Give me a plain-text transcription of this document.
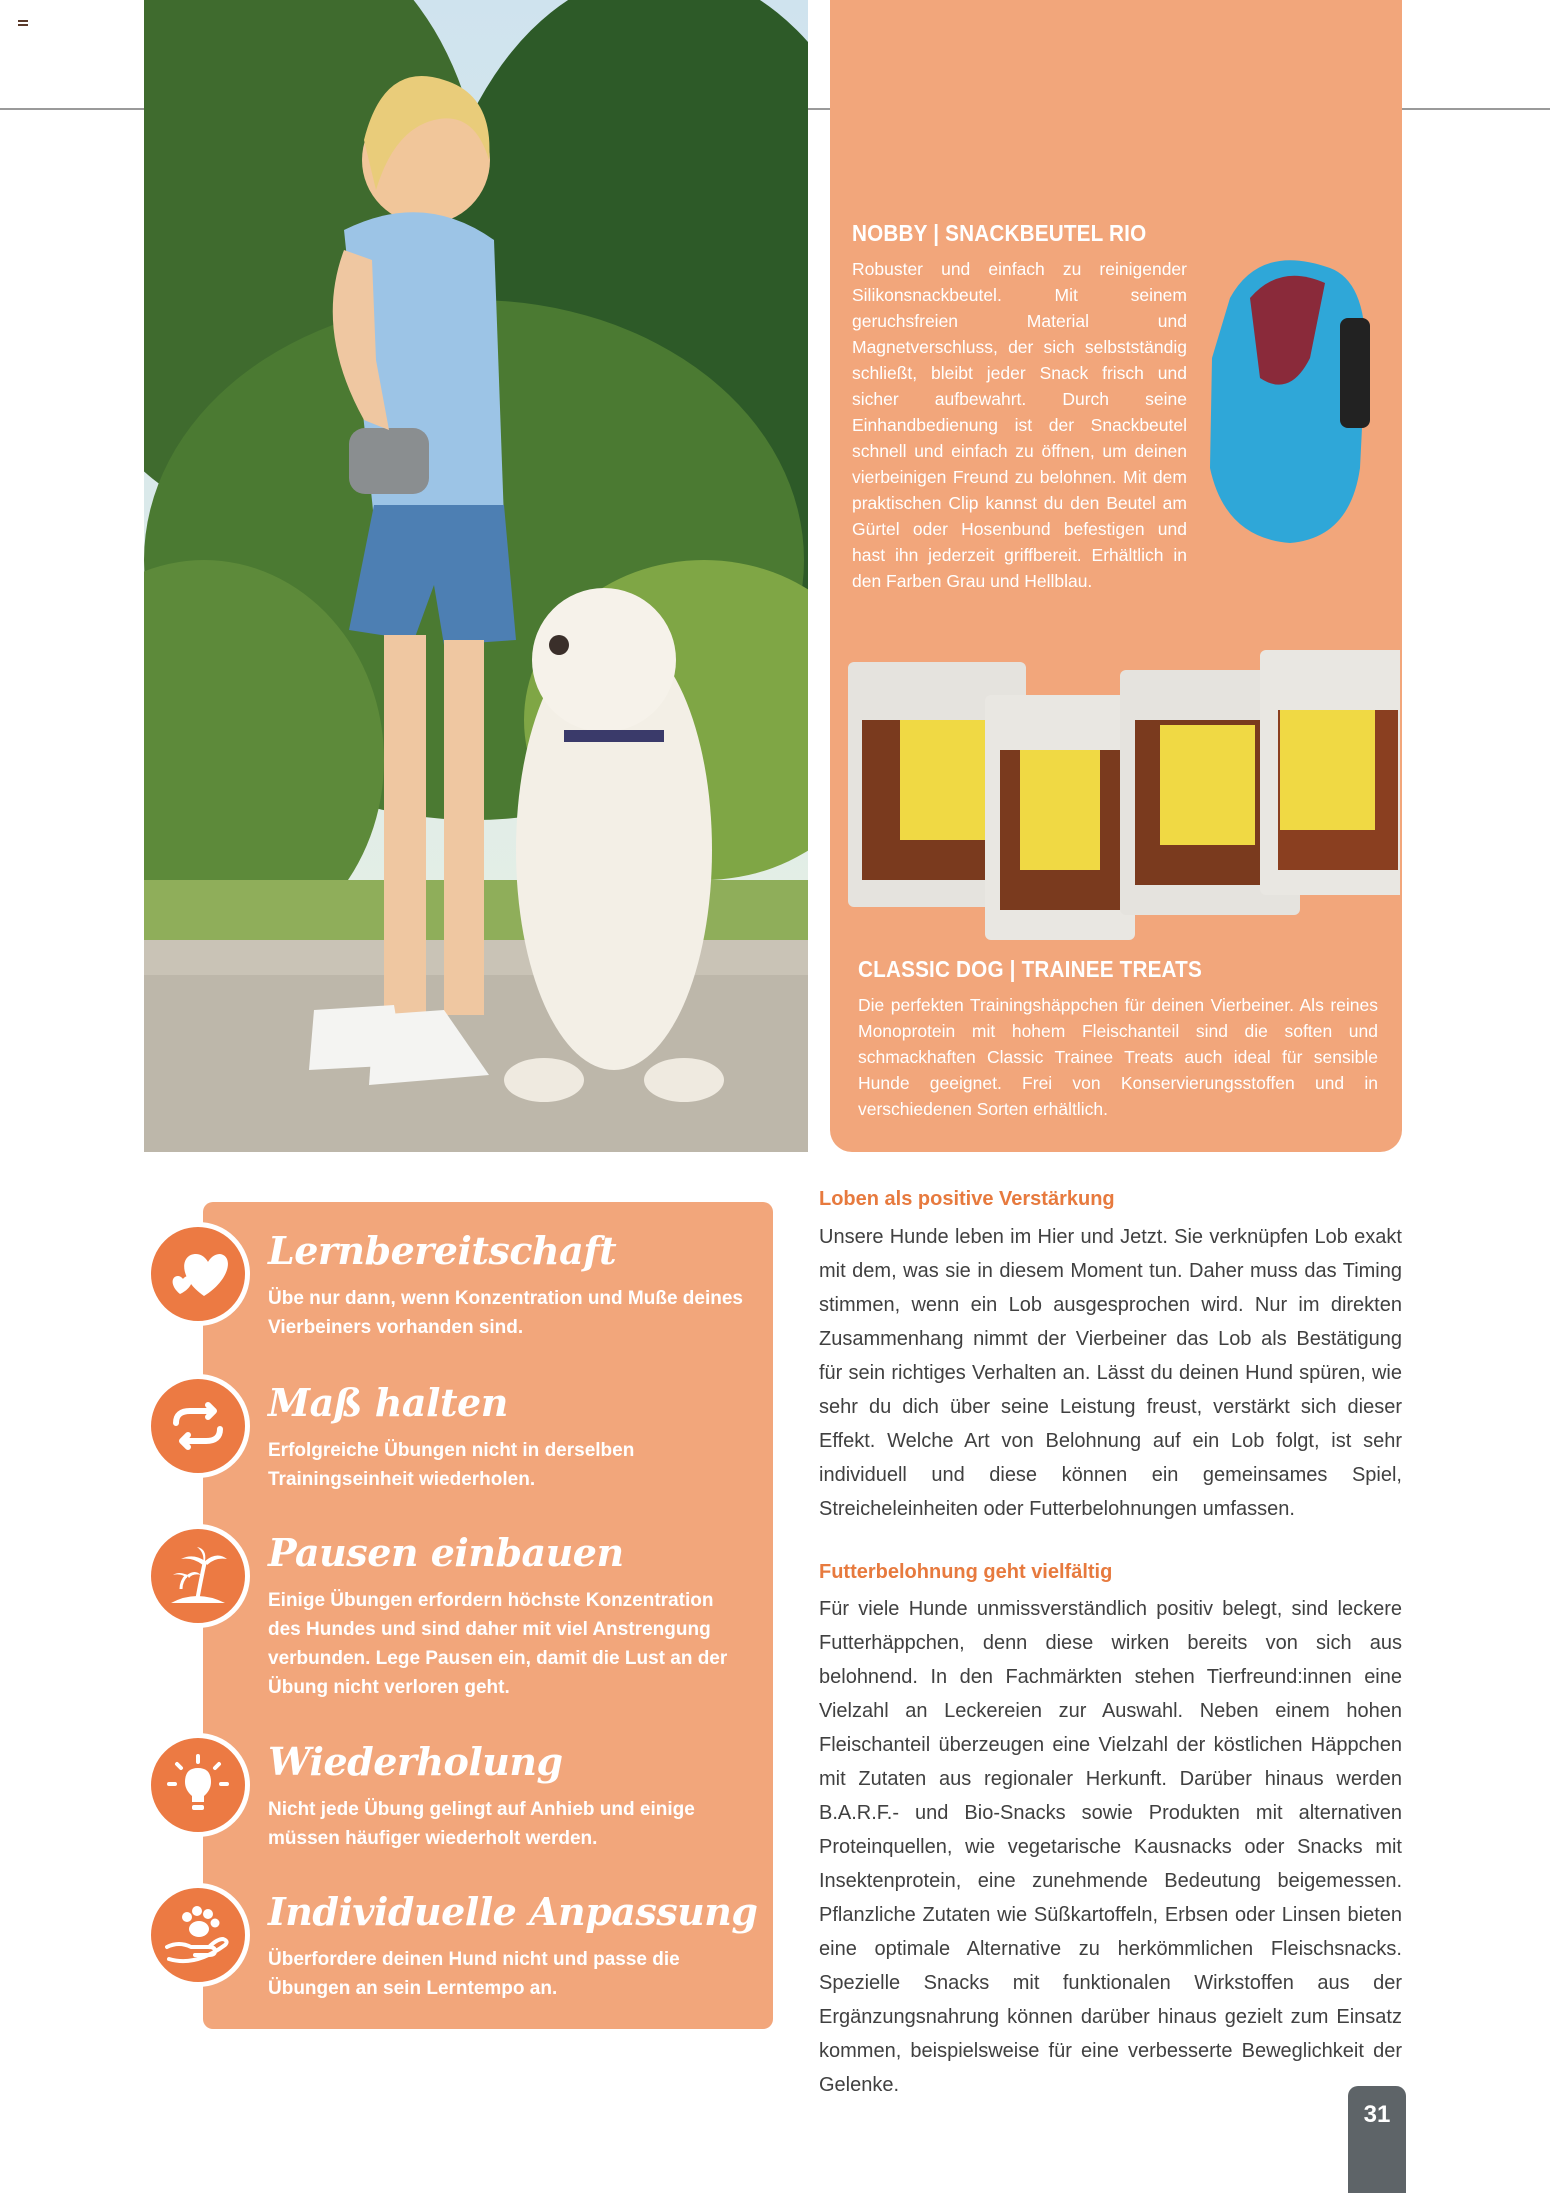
NOBBY | SNACKBEUTEL RIO
Robuster und einfach zu reinigender Silikonsnackbeutel. Mit seinem geruchsfreien Material und Magnetverschluss, der sich selbstständig schließt, bleibt jeder Snack frisch und sicher aufbewahrt. Durch seine Einhandbedienung ist der Snackbeutel schnell und einfach zu öffnen, um deinen vierbeinigen Freund zu belohnen. Mit dem praktischen Clip kannst du den Beutel am Gürtel oder Hosenbund befestigen und hast ihn jederzeit griffbereit. Erhältlich in den Farben Grau und Hellblau.
CLASSIC DOG | TRAINEE TREATS
Die perfekten Trainingshäppchen für deinen Vierbeiner. Als reines Monoprotein mit hohem Fleischanteil sind die soften und schmackhaften Classic Trainee Treats auch ideal für sensible Hunde geeignet. Frei von Konservierungsstoffen und in verschiedenen Sorten erhältlich.
Lernbereitschaft
Übe nur dann, wenn Konzentration und Muße deines Vierbeiners vorhanden sind.
Maß halten
Erfolgreiche Übungen nicht in derselben Trainingseinheit wiederholen.
Pausen einbauen
Einige Übungen erfordern höchste Konzentration des Hundes und sind daher mit viel Anstrengung verbunden. Lege Pausen ein, damit die Lust an der Übung nicht verloren geht.
Wiederholung
Nicht jede Übung gelingt auf Anhieb und einige müssen häufiger wiederholt werden.
Individuelle Anpassung
Überfordere deinen Hund nicht und passe die Übungen an sein Lerntempo an.
Loben als positive Verstärkung
Unsere Hunde leben im Hier und Jetzt. Sie verknüpfen Lob exakt mit dem, was sie in diesem Moment tun. Daher muss das Timing stimmen, wenn ein Lob ausgesprochen wird. Nur im direkten Zusammenhang nimmt der Vierbeiner das Lob als Bestätigung für sein richtiges Verhalten an. Lässt du deinen Hund spüren, wie sehr du dich über seine Leistung freust, verstärkt sich dieser Effekt. Welche Art von Belohnung auf ein Lob folgt, ist sehr individuell und diese können ein gemeinsames Spiel, Streicheleinheiten oder Futterbelohnungen umfassen.
Futterbelohnung geht vielfältig
Für viele Hunde unmissverständlich positiv belegt, sind leckere Futterhäppchen, denn diese wirken bereits von sich aus belohnend. In den Fachmärkten stehen Tierfreund:innen eine Vielzahl an Leckereien zur Auswahl. Neben einem hohen Fleischanteil überzeugen eine Vielzahl der köstlichen Häppchen mit Zutaten aus regionaler Herkunft. Darüber hinaus werden B.A.R.F.- und Bio-Snacks sowie Produkten mit alternativen Proteinquellen, wie vegetarische Kausnacks oder Snacks mit Insektenprotein, eine zunehmende Bedeutung beigemessen. Pflanzliche Zutaten wie Süßkartoffeln, Erbsen oder Linsen bieten eine optimale Alternative zu herkömmlichen Fleischsnacks. Spezielle Snacks mit funktionalen Wirkstoffen aus der Ergänzungsnahrung können darüber hinaus gezielt zum Einsatz kommen, beispielsweise für eine verbesserte Beweglichkeit der Gelenke.
31
